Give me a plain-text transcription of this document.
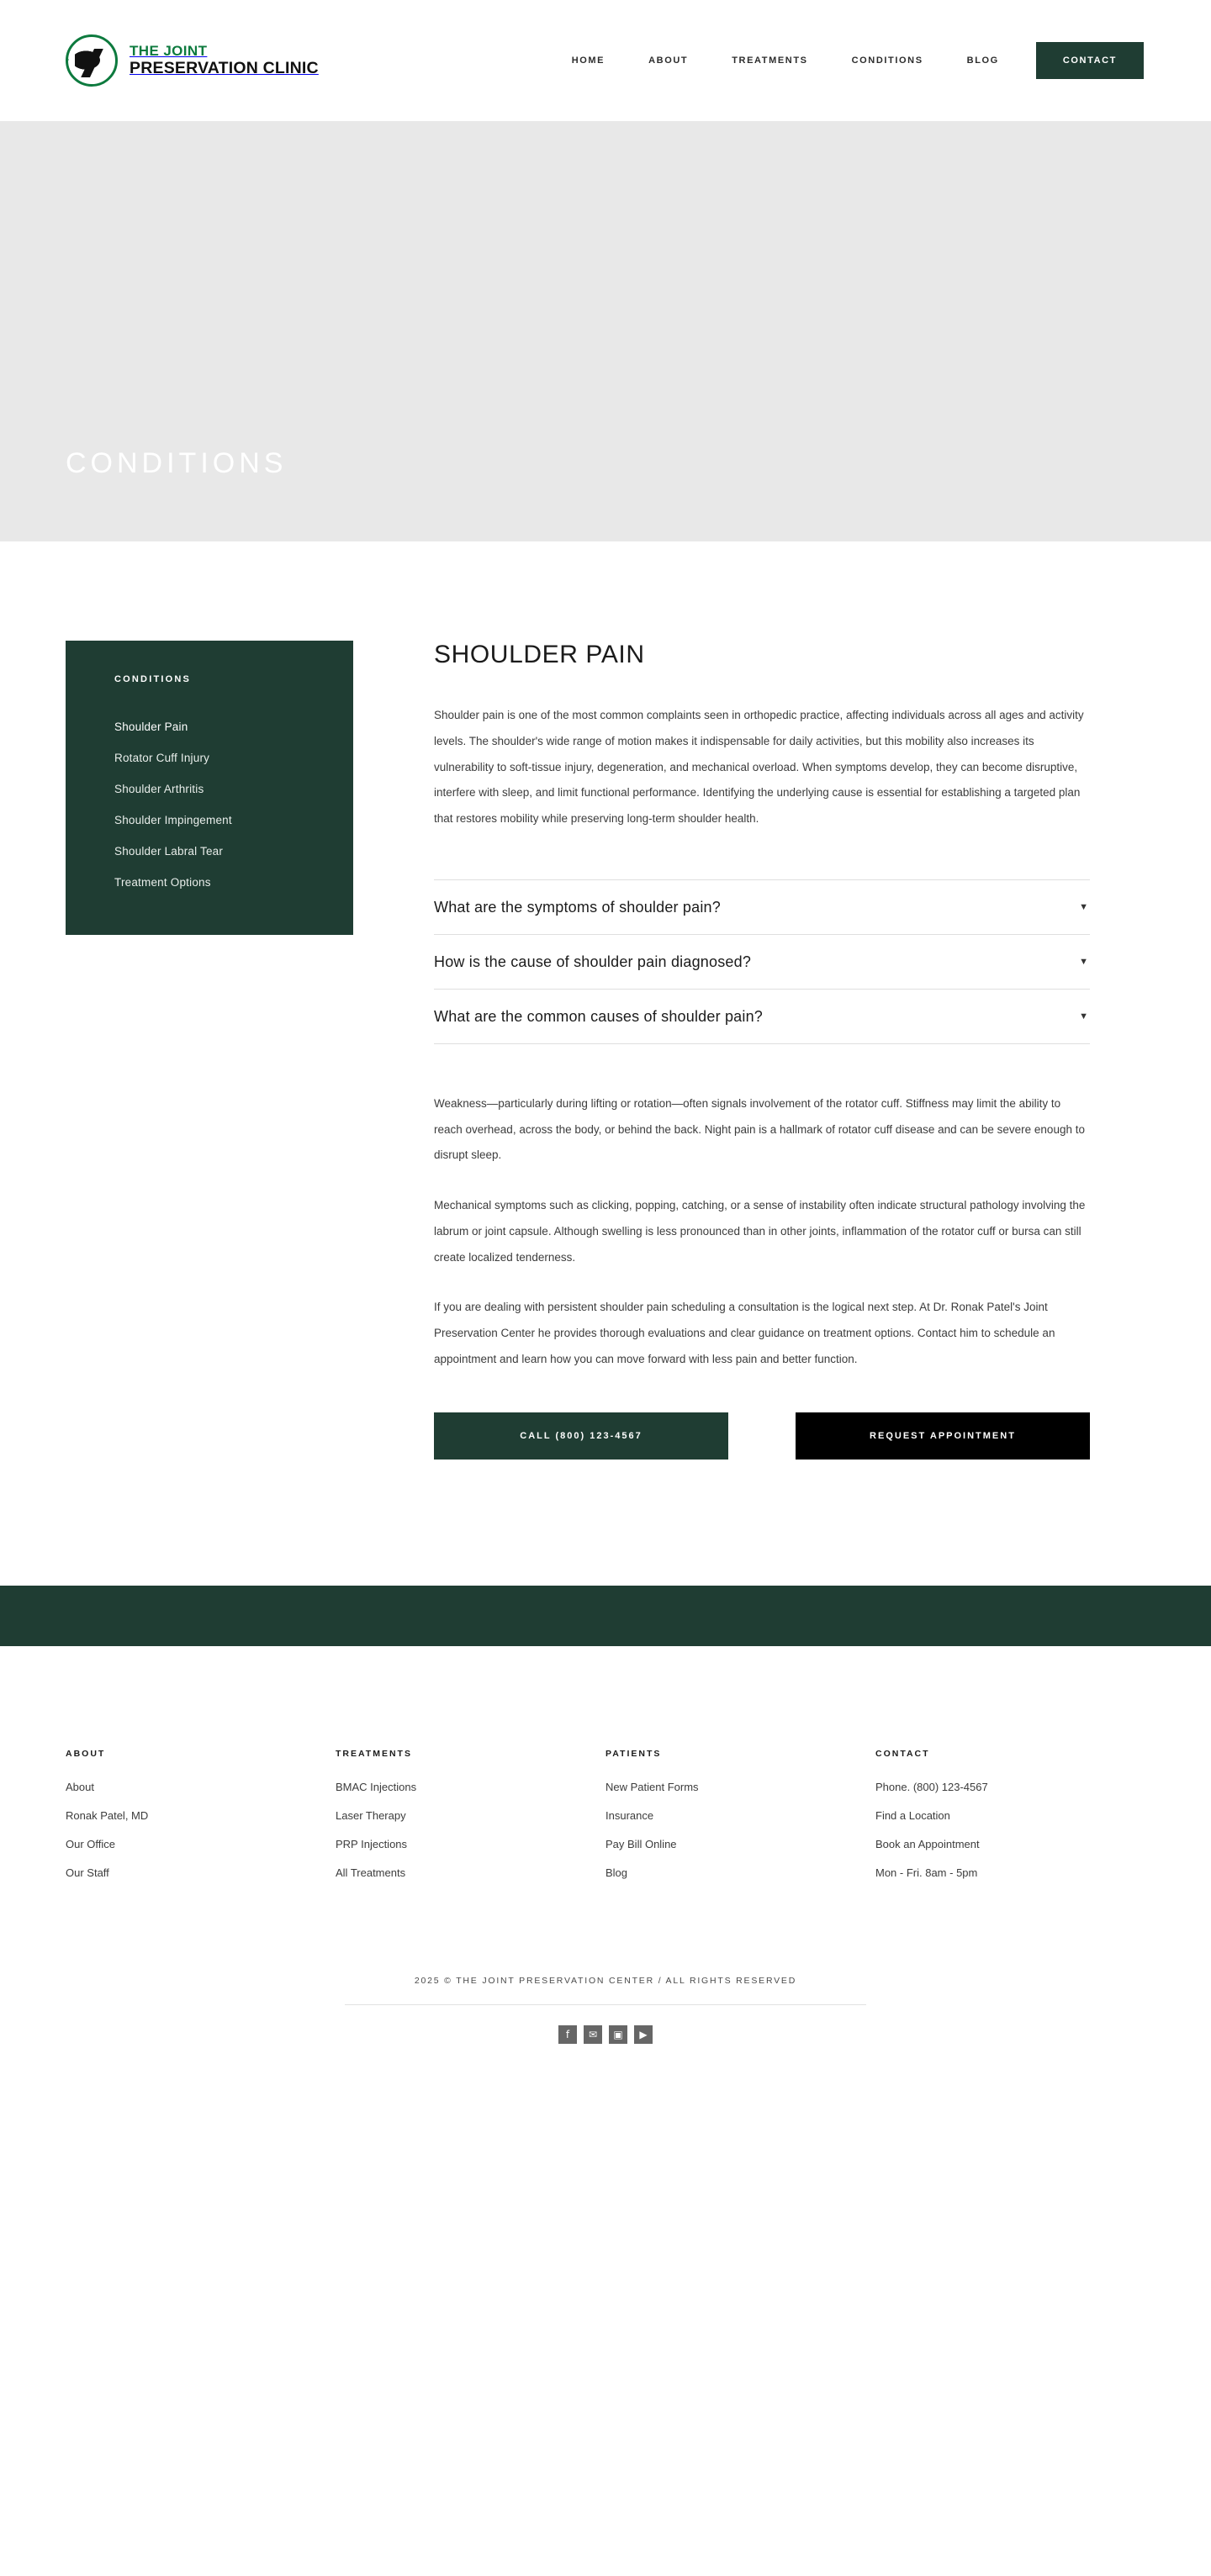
THE JOINT
PRESERVATION CLINIC	HOME	ABOUT	TREATMENTS	CONDITIONS	BLOG	CONTACT
CONDITIONS
CONDITIONS
Shoulder Pain
Rotator Cuff Injury
Shoulder Arthritis
Shoulder Impingement
Shoulder Labral Tear
Treatment Options
SHOULDER PAIN

Shoulder pain is one of the most common complaints seen in orthopedic practice, affecting individuals across all ages and activity levels. The shoulder's wide range of motion makes it indispensable for daily activities, but this mobility also increases its vulnerability to soft-tissue injury, degeneration, and mechanical overload. When symptoms develop, they can become disruptive, interfere with sleep, and limit functional performance. Identifying the underlying cause is essential for establishing a targeted plan that restores mobility while preserving long-term shoulder health.

What are the symptoms of shoulder pain?	▼
How is the cause of shoulder pain diagnosed?	▼
What are the common causes of shoulder pain?	▼

Weakness—particularly during lifting or rotation—often signals involvement of the rotator cuff. Stiffness may limit the ability to reach overhead, across the body, or behind the back. Night pain is a hallmark of rotator cuff disease and can be severe enough to disrupt sleep.

Mechanical symptoms such as clicking, popping, catching, or a sense of instability often indicate structural pathology involving the labrum or joint capsule. Although swelling is less pronounced than in other joints, inflammation of the rotator cuff or bursa can still create localized tenderness.

If you are dealing with persistent shoulder pain scheduling a consultation is the logical next step. At Dr. Ronak Patel's Joint Preservation Center he provides thorough evaluations and clear guidance on treatment options. Contact him to schedule an appointment and learn how you can move forward with less pain and better function.

CALL (800) 123-4567	REQUEST APPOINTMENT
ABOUT
About
Ronak Patel, MD
Our Office
Our Staff
TREATMENTS
BMAC Injections
Laser Therapy
PRP Injections
All Treatments
PATIENTS
New Patient Forms
Insurance
Pay Bill Online
Blog
CONTACT
Phone. (800) 123-4567
Find a Location
Book an Appointment
Mon - Fri. 8am - 5pm
2025 © THE JOINT PRESERVATION CENTER / ALL RIGHTS RESERVED
f	✉	▣	▶
